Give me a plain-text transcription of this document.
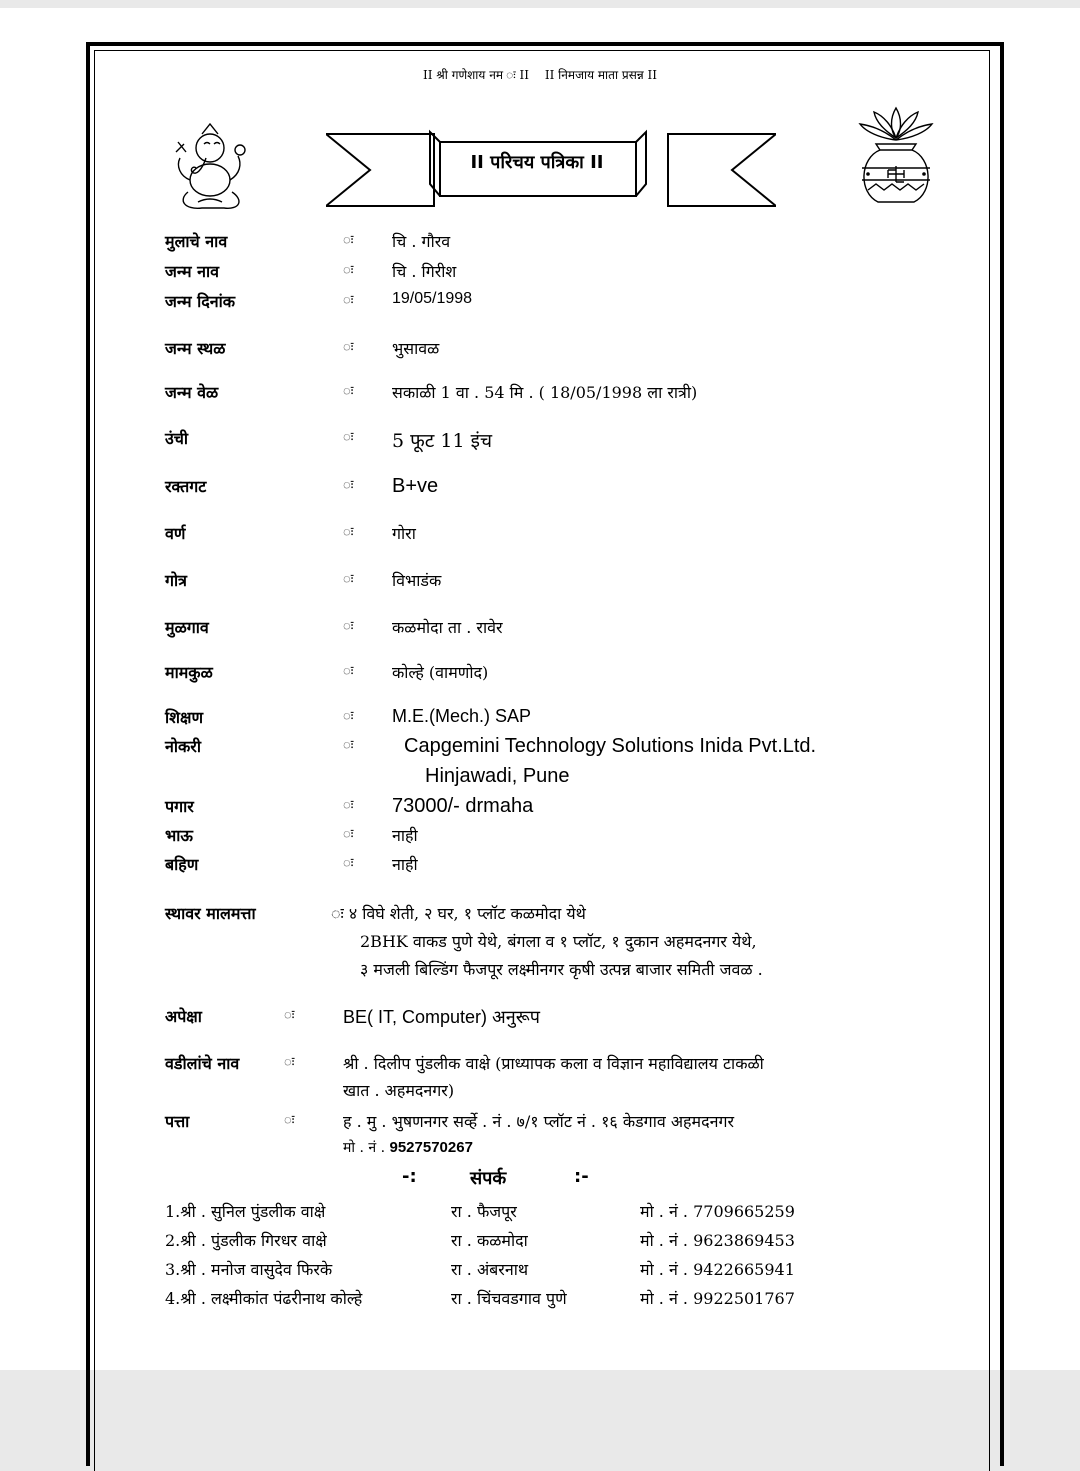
II श्री गणेशाय नम ः II II निमजाय माता प्रसन्न II
II परिचय पत्रिका II
मुलाचे नाव	ः चि . गौरव
जन्म नाव	ः चि . गिरीश
जन्म दिनांक	ः 19/05/1998
जन्म स्थळ	ः भुसावळ
जन्म वेळ	ः सकाळी 1 वा . 54 मि . ( 18/05/1998 ला रात्री)
उंची	ः 5 फूट 11 इंच
रक्तगट	ः B+ve
वर्ण	ः गोरा
गोत्र	ः विभाडंक
मुळगाव	ः कळमोदा ता . रावेर
मामकुळ	ः कोल्हे (वामणोद)
शिक्षण	ः M.E.(Mech.) SAP
नोकरी	ः	Capgemini Technology Solutions Inida Pvt.Ltd.
Hinjawadi, Pune
पगार	ः 73000/- drmaha
भाऊ	ः नाही
बहिण	ः नाही
स्थावर मालमत्ता	ः ४ विघे शेती, २ घर, १ प्लॉट कळमोदा येथे
2BHK वाकड पुणे येथे, बंगला व १ प्लॉट, १ दुकान अहमदनगर येथे,
३ मजली बिल्डिंग फैजपूर लक्ष्मीनगर कृषी उत्पन्न बाजार समिती जवळ .
अपेक्षा	ः	BE( IT, Computer) अनुरूप
वडीलांचे नाव	ः	श्री . दिलीप पुंडलीक वाक्षे (प्राध्यापक कला व विज्ञान महाविद्यालय टाकळी
खात . अहमदनगर)
पत्ता	ः	ह . मु . भुषणनगर सर्व्हे . नं . ७/१ प्लॉट नं . १६ केडगाव अहमदनगर
मो . नं . 9527570267
-:	संपर्क	:-
1.श्री . सुनिल पुंडलीक वाक्षे	रा . फैजपूर	मो . नं . 7709665259
2.श्री . पुंडलीक गिरधर वाक्षे	रा . कळमोदा	मो . नं . 9623869453
3.श्री . मनोज वासुदेव फिरके	रा . अंबरनाथ	मो . नं . 9422665941
4.श्री . लक्ष्मीकांत पंढरीनाथ कोल्हे	रा . चिंचवडगाव पुणे	मो . नं . 9922501767
